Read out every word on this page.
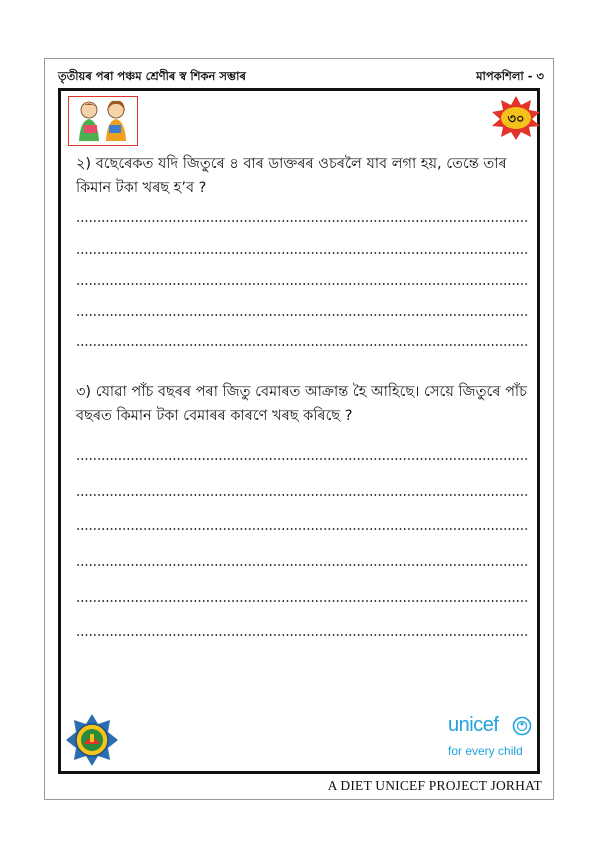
তৃতীয়ৰ পৰা পঞ্চম শ্ৰেণীৰ স্ব শিকন সম্ভাৰ	মাপকশিলা - ৩
৩০
২) বছেৰেকত যদি জিতুৰে ৪ বাৰ ডাক্তৰৰ ওচৰলৈ যাব লগা হয়, তেন্তে তাৰ কিমান টকা খৰছ হ’ব ?
৩) যোৱা পাঁচ বছৰৰ পৰা জিতু বেমাৰত আক্ৰান্ত হৈ আহিছে। সেয়ে জিতুৰে পাঁচ বছৰত কিমান টকা বেমাৰৰ কাৰণে খৰছ কৰিছে ?
unicef
for every child
A DIET UNICEF PROJECT JORHAT
